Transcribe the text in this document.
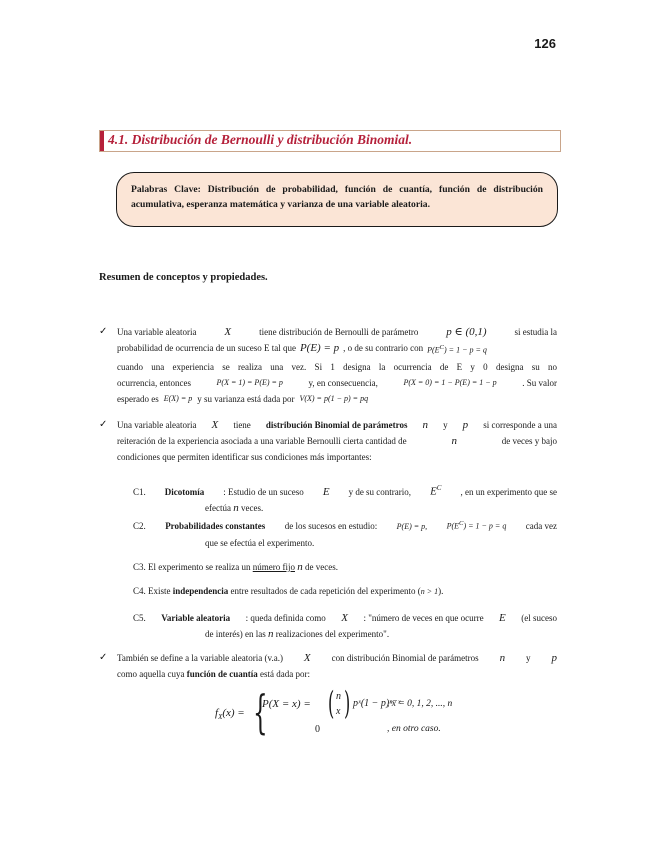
126
4.1. Distribución de Bernoulli y distribución Binomial.

Palabras Clave: Distribución de probabilidad, función de cuantía, función de distribución acumulativa, esperanza matemática y varianza de una variable aleatoria.

Resumen de conceptos y propiedades.
✓ Una variable aleatoria	X	tiene distribución de Bernoulli de parámetro	p ∈ (0,1)	si estudia la
probabilidad de ocurrencia de un suceso E tal que P(E) = p , o de su contrario con $P(E^C) = 1 - p = q$
cuando una experiencia se realiza una vez. Si 1 designa la ocurrencia de E y 0 designa su no
ocurrencia, entonces	P(X = 1) = P(E) = p	y, en consecuencia,	P(X = 0) = 1 − P(E) = 1 − p	. Su valor
esperado es E(X) = p y su varianza está dada por V(X) = p(1 − p) = pq
✓ Una variable aleatoria X tiene distribución Binomial de parámetros n y p si corresponde a una
reiteración de la experiencia asociada a una variable Bernoulli cierta cantidad de	n	de veces y bajo
condiciones que permiten identificar sus condiciones más importantes:
C1. Dicotomía : Estudio de un suceso E y de su contrario, $E^C$ , en un experimento que se
efectúa n veces.
C2. Probabilidades constantes de los sucesos en estudio: P(E) = p, $P(E^C) = 1 - p = q$ cada vez
que se efectúa el experimento.
C3. El experimento se realiza un número fijo n de veces.
C4. Existe independencia entre resultados de cada repetición del experimento (n > 1).
C5. Variable aleatoria : queda definida como X : "número de veces en que ocurre E (el suceso
de interés) en las n realizaciones del experimento".
✓ También se define a la variable aleatoria (v.a.) X con distribución Binomial de parámetros n y p
como aquella cuya función de cuantía está dada por:
$f_X(x)$ = {
P(X = x) = ( n
x ) pˣ(1 − p)ⁿ⁻ˣ
, x = 0, 1, 2, ..., n
0	, en otro caso.
